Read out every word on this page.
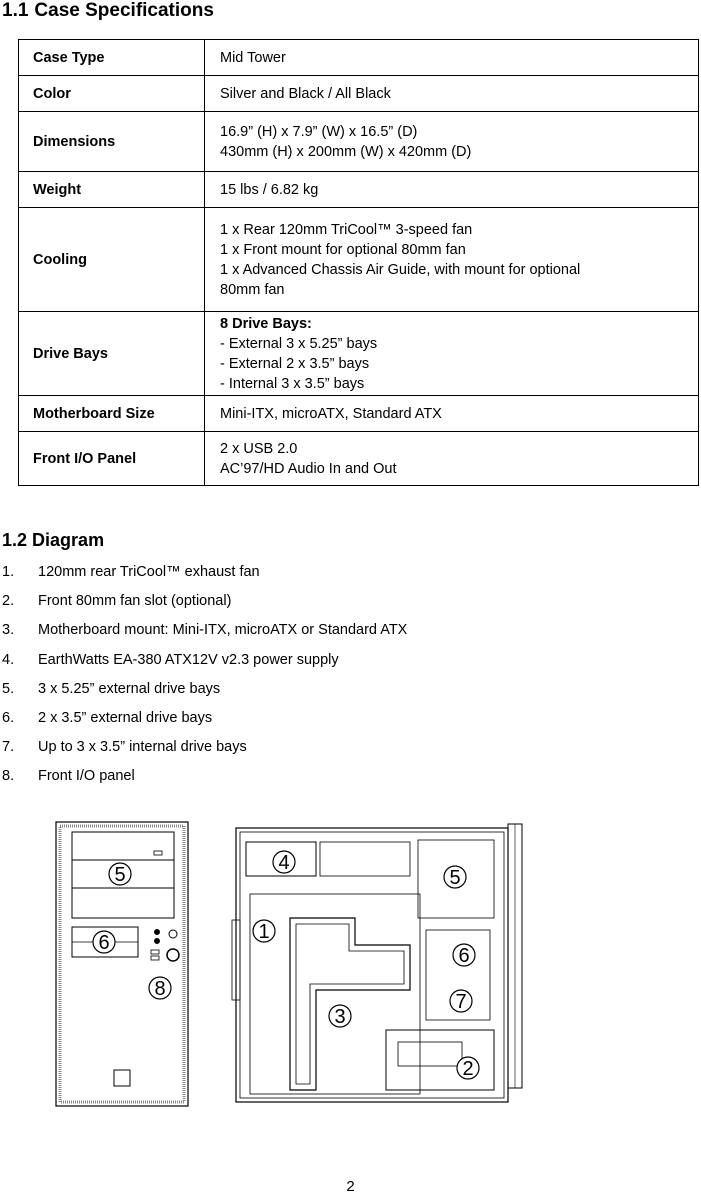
1.1 Case Specifications
Case Type	Mid Tower

Color	Silver and Black / All Black

Dimensions	16.9” (H) x 7.9” (W) x 16.5” (D)
430mm (H) x 200mm (W) x 420mm (D)

Weight	15 lbs / 6.82 kg

Cooling	1 x Rear 120mm TriCool™ 3-speed fan
1 x Front mount for optional 80mm fan
1 x Advanced Chassis Air Guide, with mount for optional
80mm fan

Drive Bays	8 Drive Bays:
- External 3 x 5.25” bays
- External 2 x 3.5” bays
- Internal 3 x 3.5” bays

Motherboard Size	Mini-ITX, microATX, Standard ATX

Front I/O Panel	2 x USB 2.0
AC’97/HD Audio In and Out
1.2 Diagram
1. 120mm rear TriCool™ exhaust fan
2. Front 80mm fan slot (optional)
3. Motherboard mount: Mini-ITX, microATX or Standard ATX
4. EarthWatts EA-380 ATX12V v2.3 power supply
5. 3 x 5.25” external drive bays
6. 2 x 3.5” external drive bays
7. Up to 3 x 3.5” internal drive bays
8. Front I/O panel
5
6
8
4
5
1
6
7
3
2
2
